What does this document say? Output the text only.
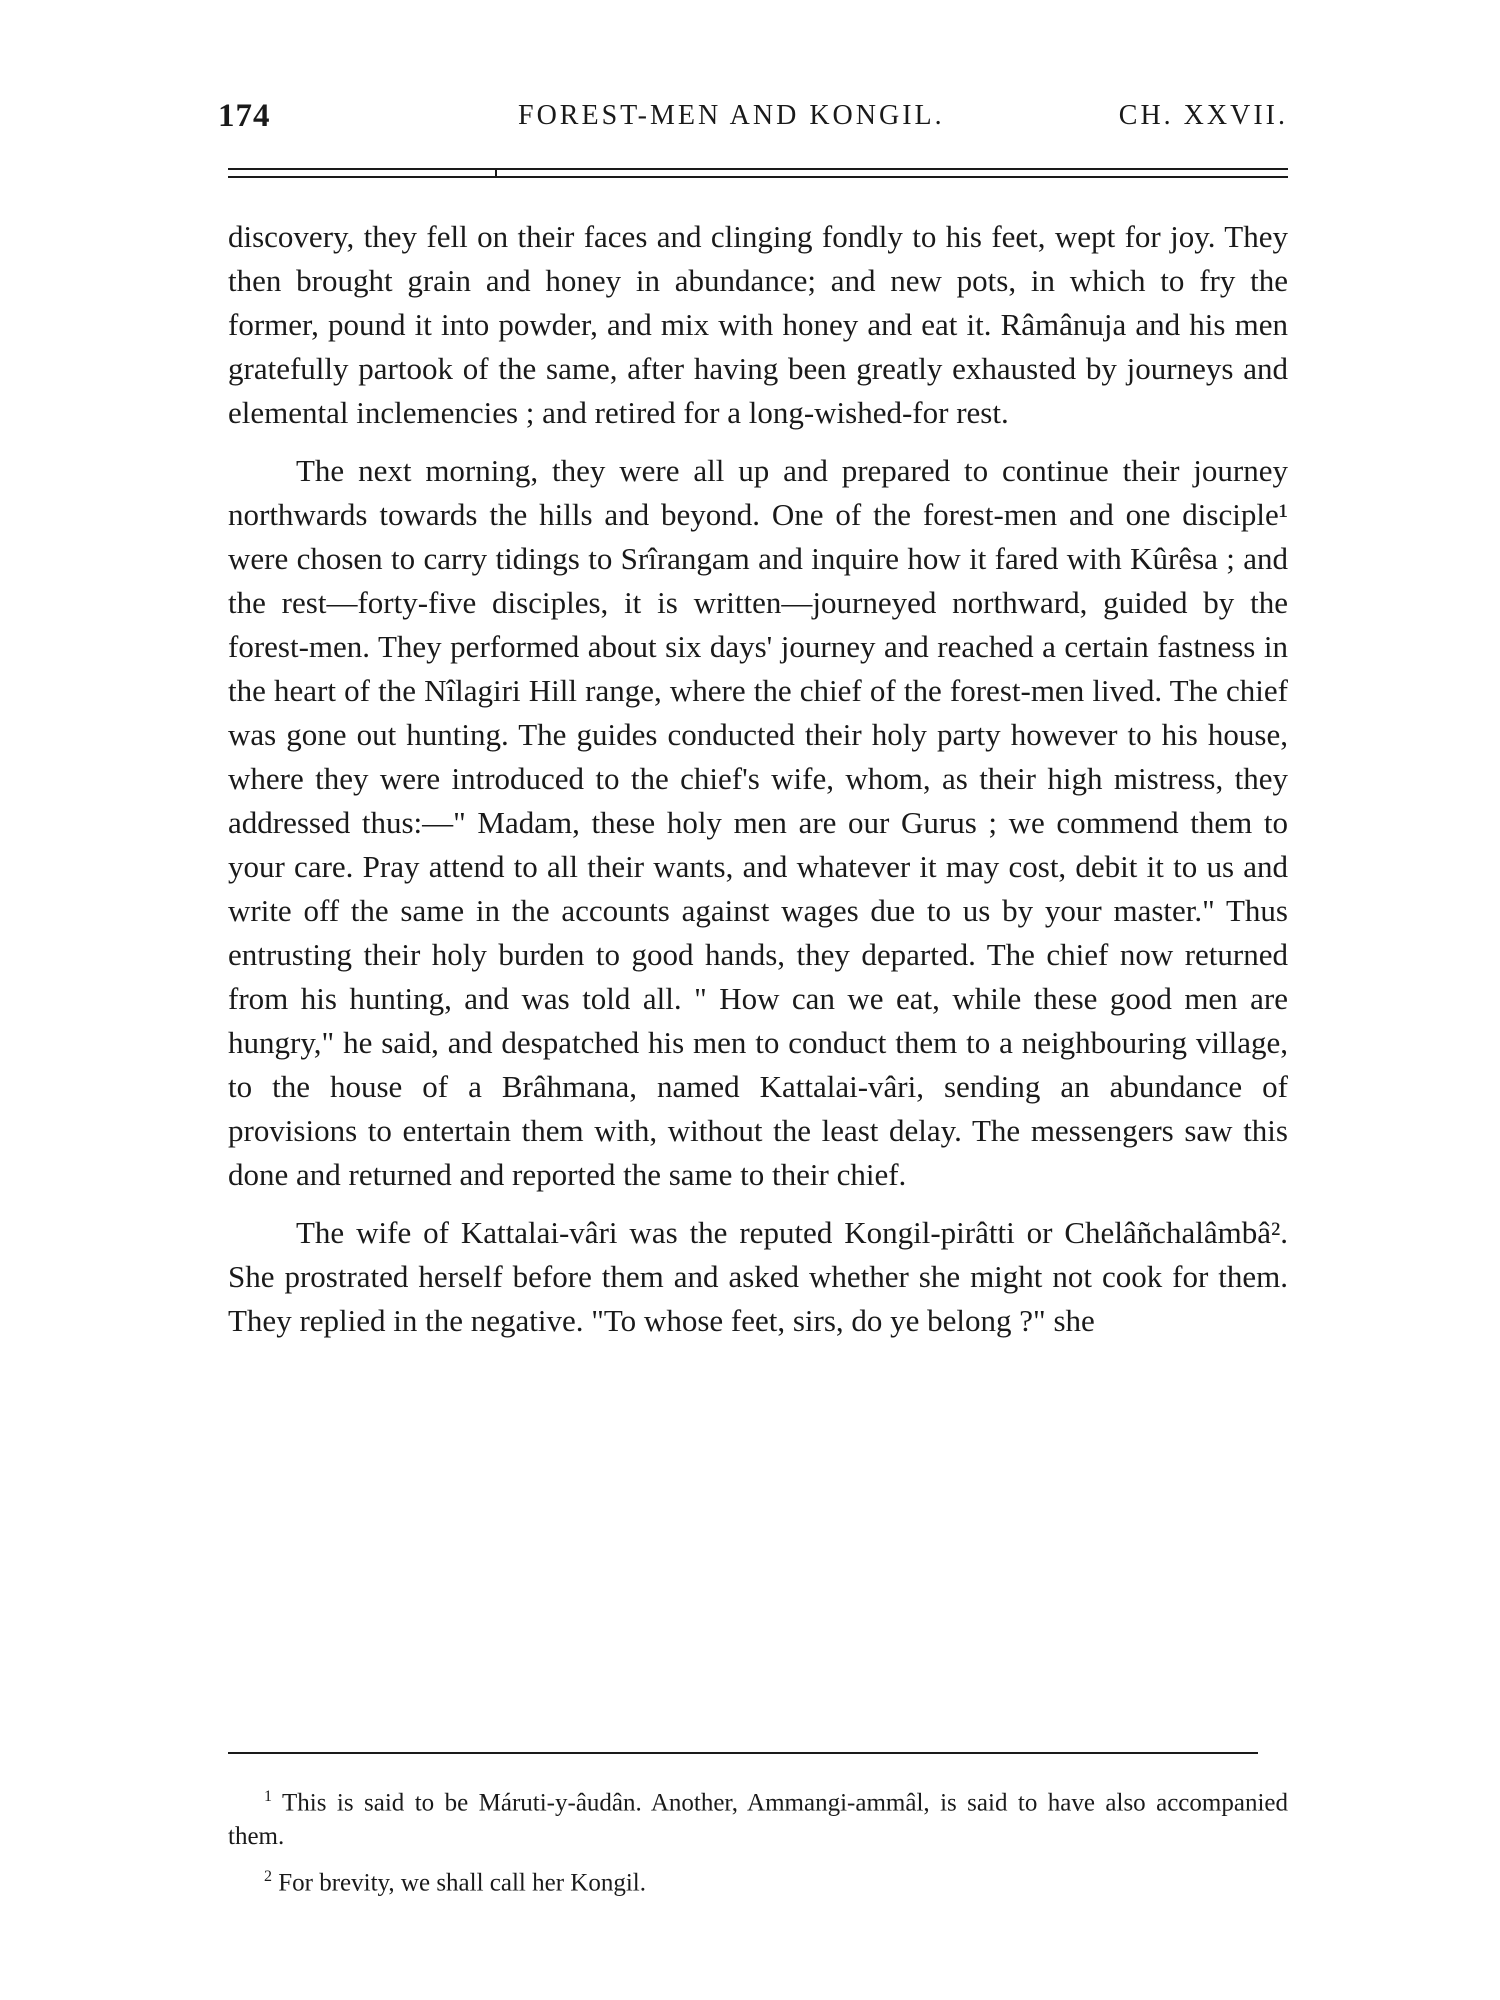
174	FOREST-MEN AND KONGIL.	CH. XXVII.

discovery, they fell on their faces and clinging fondly to his feet, wept for joy. They then brought grain and honey in abundance; and new pots, in which to fry the former, pound it into powder, and mix with honey and eat it. Râmânuja and his men gratefully partook of the same, after having been greatly exhausted by journeys and elemental inclemencies ; and retired for a long-wished-for rest.

The next morning, they were all up and prepared to continue their journey northwards towards the hills and beyond. One of the forest-men and one disciple¹ were chosen to carry tidings to Srîrangam and inquire how it fared with Kûrêsa ; and the rest—forty-five disciples, it is written—journeyed northward, guided by the forest-men. They performed about six days' journey and reached a certain fastness in the heart of the Nîlagiri Hill range, where the chief of the forest-men lived. The chief was gone out hunting. The guides conducted their holy party however to his house, where they were introduced to the chief's wife, whom, as their high mistress, they addressed thus:—" Madam, these holy men are our Gurus ; we commend them to your care. Pray attend to all their wants, and whatever it may cost, debit it to us and write off the same in the accounts against wages due to us by your master." Thus entrusting their holy burden to good hands, they departed. The chief now returned from his hunting, and was told all. " How can we eat, while these good men are hungry," he said, and despatched his men to conduct them to a neighbouring village, to the house of a Brâhmana, named Kattalai-vâri, sending an abundance of provisions to entertain them with, without the least delay. The messengers saw this done and returned and reported the same to their chief.

The wife of Kattalai-vâri was the reputed Kongil-pirâtti or Chelâñchalâmbâ². She prostrated herself before them and asked whether she might not cook for them. They replied in the negative. "To whose feet, sirs, do ye belong ?" she

$^1$ This is said to be Máruti-y-âudân. Another, Ammangi-ammâl, is said to have also accompanied them.

$^2$ For brevity, we shall call her Kongil.
